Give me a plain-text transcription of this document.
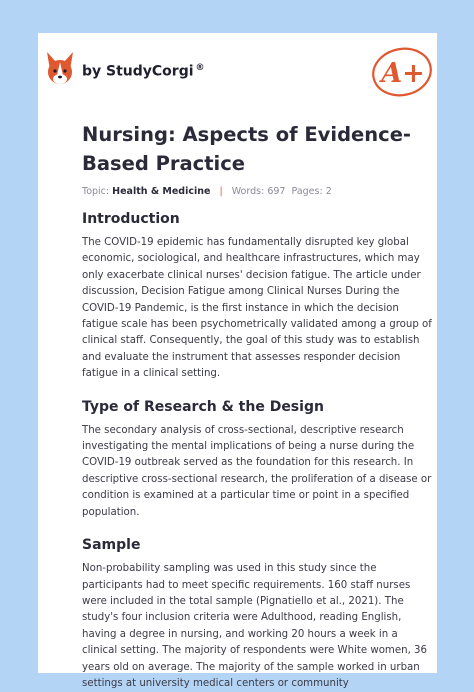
by StudyCorgi ®	A+
Nursing: Aspects of Evidence-Based Practice
Topic: Health & Medicine | Words: 697 Pages: 2
Introduction

The COVID-19 epidemic has fundamentally disrupted key global economic, sociological, and healthcare infrastructures, which may only exacerbate clinical nurses' decision fatigue. The article under discussion, Decision Fatigue among Clinical Nurses During the COVID-19 Pandemic, is the first instance in which the decision fatigue scale has been psychometrically validated among a group of clinical staff. Consequently, the goal of this study was to establish and evaluate the instrument that assesses responder decision fatigue in a clinical setting.

Type of Research & the Design

The secondary analysis of cross-sectional, descriptive research investigating the mental implications of being a nurse during the COVID-19 outbreak served as the foundation for this research. In descriptive cross-sectional research, the proliferation of a disease or condition is examined at a particular time or point in a specified population.

Sample

Non-probability sampling was used in this study since the participants had to meet specific requirements. 160 staff nurses were included in the total sample (Pignatiello et al., 2021). The study's four inclusion criteria were Adulthood, reading English, having a degree in nursing, and working 20 hours a week in a clinical setting. The majority of respondents were White women, 36 years old on average. The majority of the sample worked in urban settings at university medical centers or community
